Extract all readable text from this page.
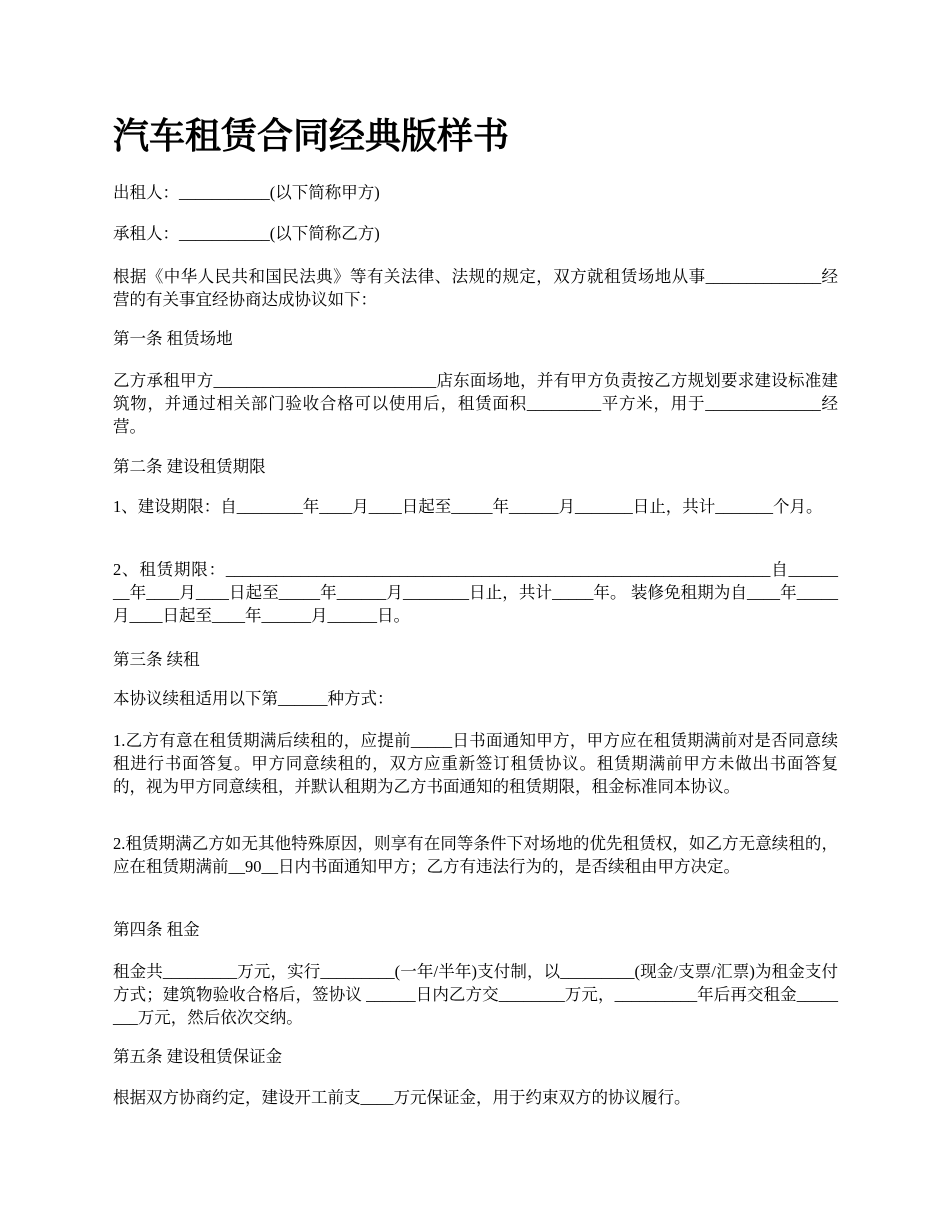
汽车租赁合同经典版样书

出租人：___________(以下简称甲方)

承租人：___________(以下简称乙方)

根据《中华人民共和国民法典》等有关法律、法规的规定，双方就租赁场地从事______________经营的有关事宜经协商达成协议如下：

第一条 租赁场地

乙方承租甲方___________________________店东面场地，并有甲方负责按乙方规划要求建设标准建筑物，并通过相关部门验收合格可以使用后，租赁面积_________平方米，用于______________经营。

第二条 建设租赁期限

1、建设期限：自________年____月____日起至_____年______月_______日止，共计_______个月。

2、租赁期限：__________________________________________________________________自________年____月____日起至_____年______月________日止，共计_____年。 装修免租期为自____年_____月____日起至____年______月______日。

第三条 续租

本协议续租适用以下第______种方式：

1.乙方有意在租赁期满后续租的，应提前_____日书面通知甲方，甲方应在租赁期满前对是否同意续租进行书面答复。甲方同意续租的，双方应重新签订租赁协议。租赁期满前甲方未做出书面答复的，视为甲方同意续租，并默认租期为乙方书面通知的租赁期限，租金标准同本协议。

2.租赁期满乙方如无其他特殊原因，则享有在同等条件下对场地的优先租赁权，如乙方无意续租的，应在租赁期满前__90__日内书面通知甲方；乙方有违法行为的，是否续租由甲方决定。

第四条 租金

租金共_________万元，实行_________(一年/半年)支付制，以_________(现金/支票/汇票)为租金支付方式；建筑物验收合格后，签协议 ______日内乙方交________万元，__________年后再交租金________万元，然后依次交纳。

第五条 建设租赁保证金

根据双方协商约定，建设开工前支____万元保证金，用于约束双方的协议履行。
